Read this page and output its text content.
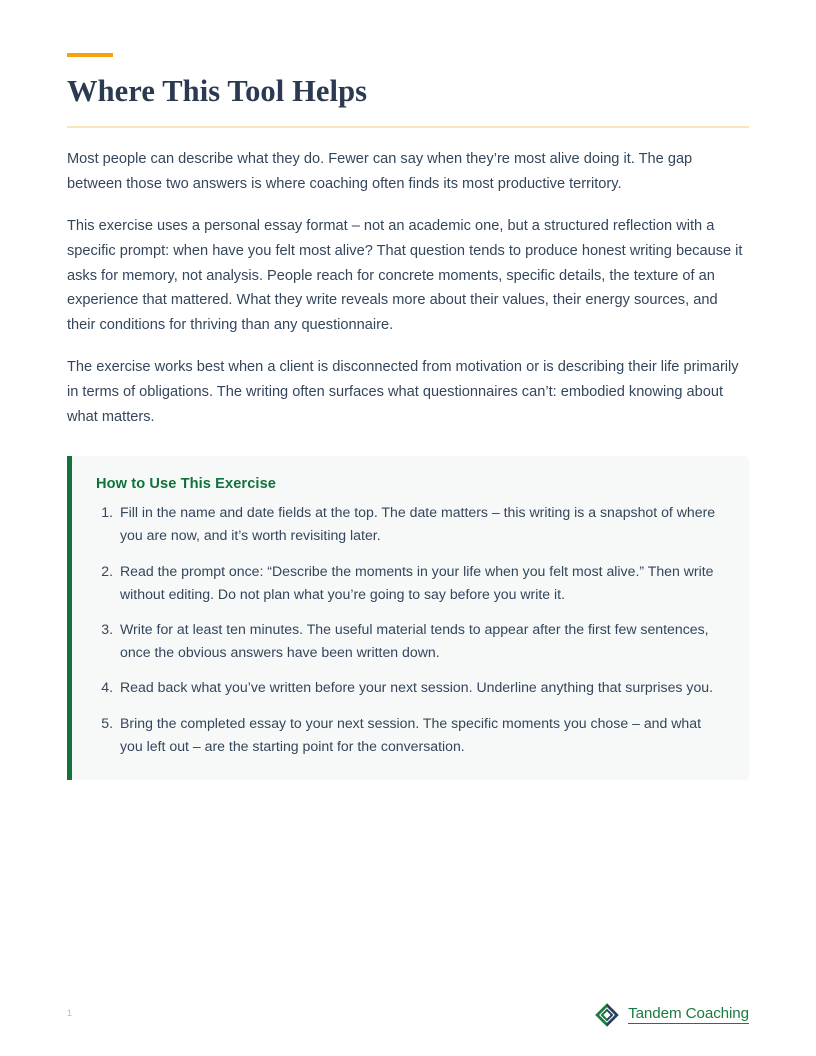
Where This Tool Helps

Most people can describe what they do. Fewer can say when they’re most alive doing it. The gap between those two answers is where coaching often finds its most productive territory.

This exercise uses a personal essay format – not an academic one, but a structured reflection with a specific prompt: when have you felt most alive? That question tends to produce honest writing because it asks for memory, not analysis. People reach for concrete moments, specific details, the texture of an experience that mattered. What they write reveals more about their values, their energy sources, and their conditions for thriving than any questionnaire.

The exercise works best when a client is disconnected from motivation or is describing their life primarily in terms of obligations. The writing often surfaces what questionnaires can’t: embodied knowing about what matters.

How to Use This Exercise
1. Fill in the name and date fields at the top. The date matters – this writing is a snapshot of where you are now, and it’s worth revisiting later.
2. Read the prompt once: “Describe the moments in your life when you felt most alive.” Then write without editing. Do not plan what you’re going to say before you write it.
3. Write for at least ten minutes. The useful material tends to appear after the first few sentences, once the obvious answers have been written down.
4. Read back what you’ve written before your next session. Underline anything that surprises you.
5. Bring the completed essay to your next session. The specific moments you chose – and what you left out – are the starting point for the conversation.
1	Tandem Coaching
